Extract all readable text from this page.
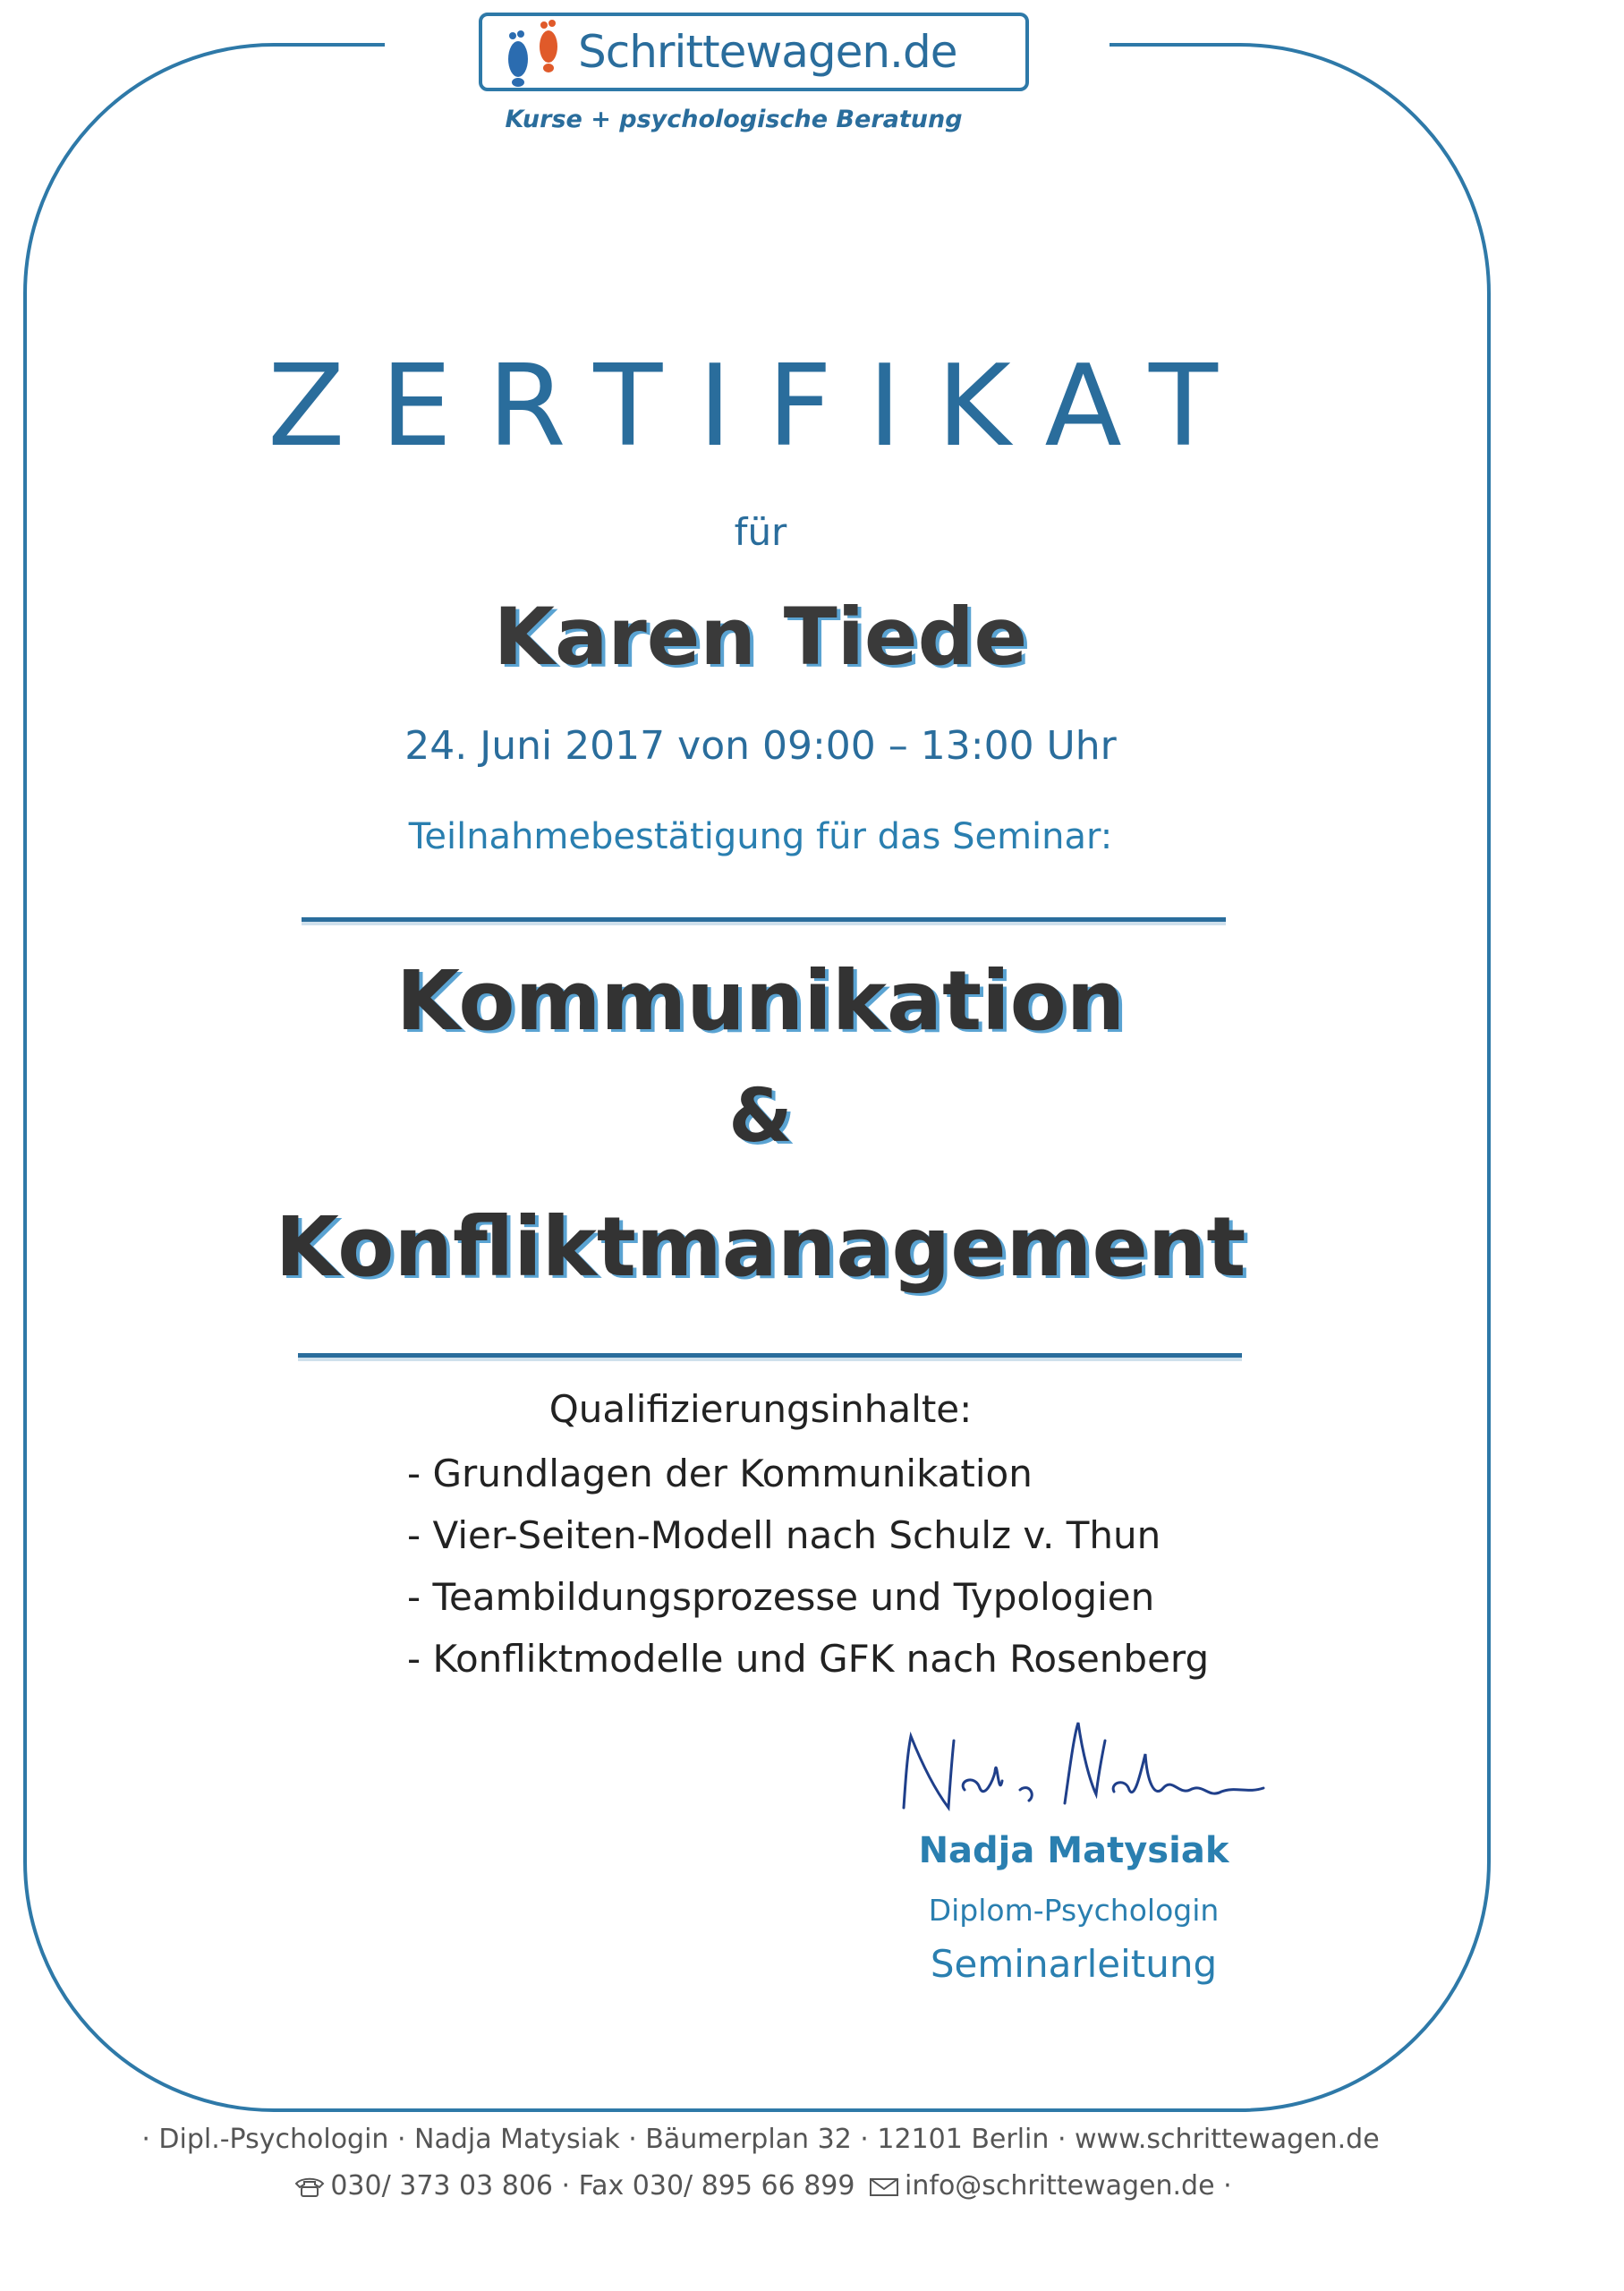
Schrittewagen.de
Kurse + psychologische Beratung
ZERTIFIKAT
für
Karen Tiede
24. Juni 2017 von 09:00 – 13:00 Uhr
Teilnahmebestätigung für das Seminar:
Kommunikation
&
Konfliktmanagement
Qualifizierungsinhalte:
- Grundlagen der Kommunikation
- Vier-Seiten-Modell nach Schulz v. Thun
- Teambildungsprozesse und Typologien
- Konfliktmodelle und GFK nach Rosenberg
Nadja Matysiak
Diplom-Psychologin
Seminarleitung
· Dipl.-Psychologin · Nadja Matysiak · Bäumerplan 32 · 12101 Berlin · www.schrittewagen.de
030/ 373 03 806 · Fax 030/ 895 66 899 info@schrittewagen.de ·
